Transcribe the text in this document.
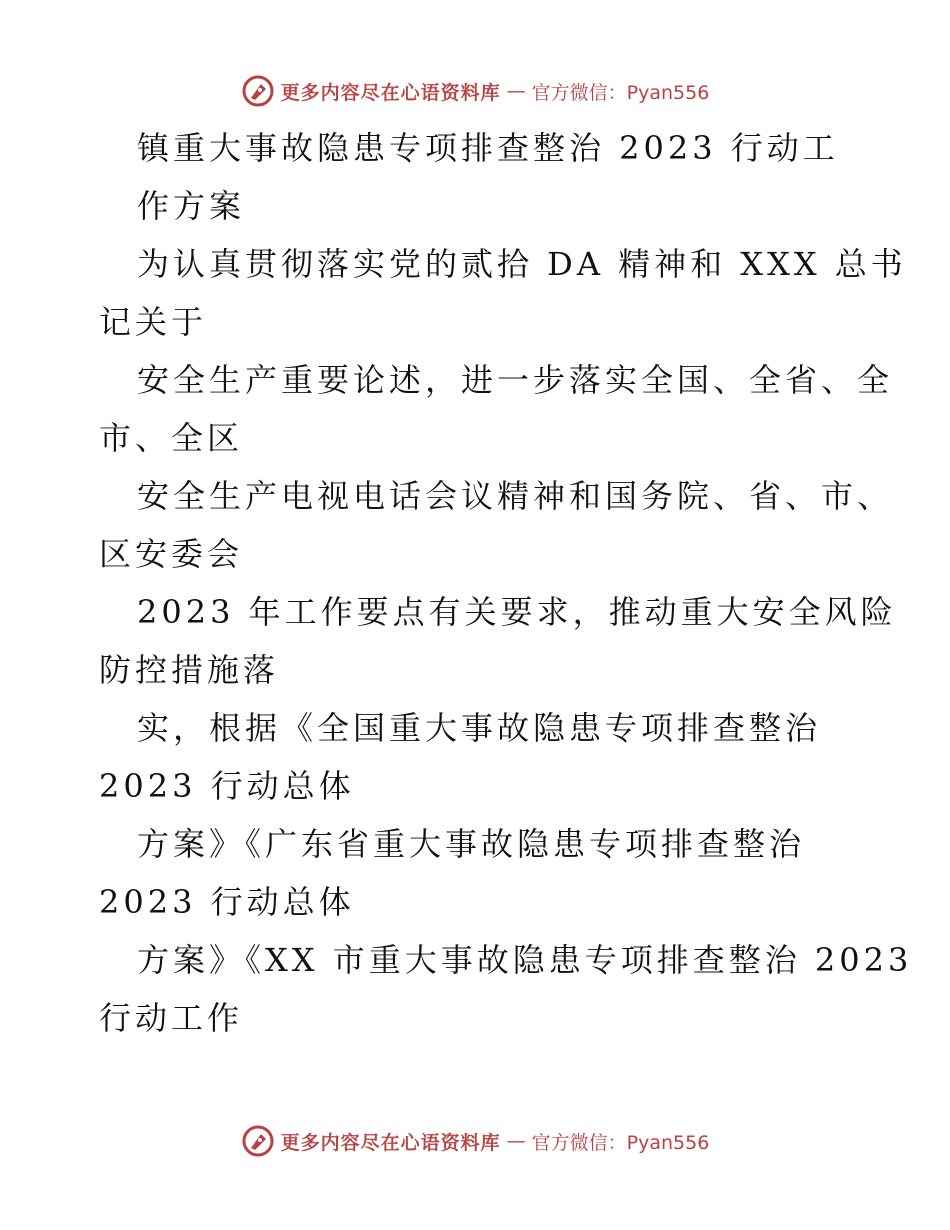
更多内容尽在心语资料库 — 官方微信：Pyan556
镇重大事故隐患专项排查整治 2023 行动工
作方案
为认真贯彻落实党的贰拾 DA 精神和 XXX 总书
记关于
安全生产重要论述，进一步落实全国、全省、全
市、全区
安全生产电视电话会议精神和国务院、省、市、
区安委会
2023 年工作要点有关要求，推动重大安全风险
防控措施落
实，根据《全国重大事故隐患专项排查整治
2023 行动总体
方案》《广东省重大事故隐患专项排查整治
2023 行动总体
方案》《XX 市重大事故隐患专项排查整治 2023
行动工作
更多内容尽在心语资料库 — 官方微信：Pyan556
